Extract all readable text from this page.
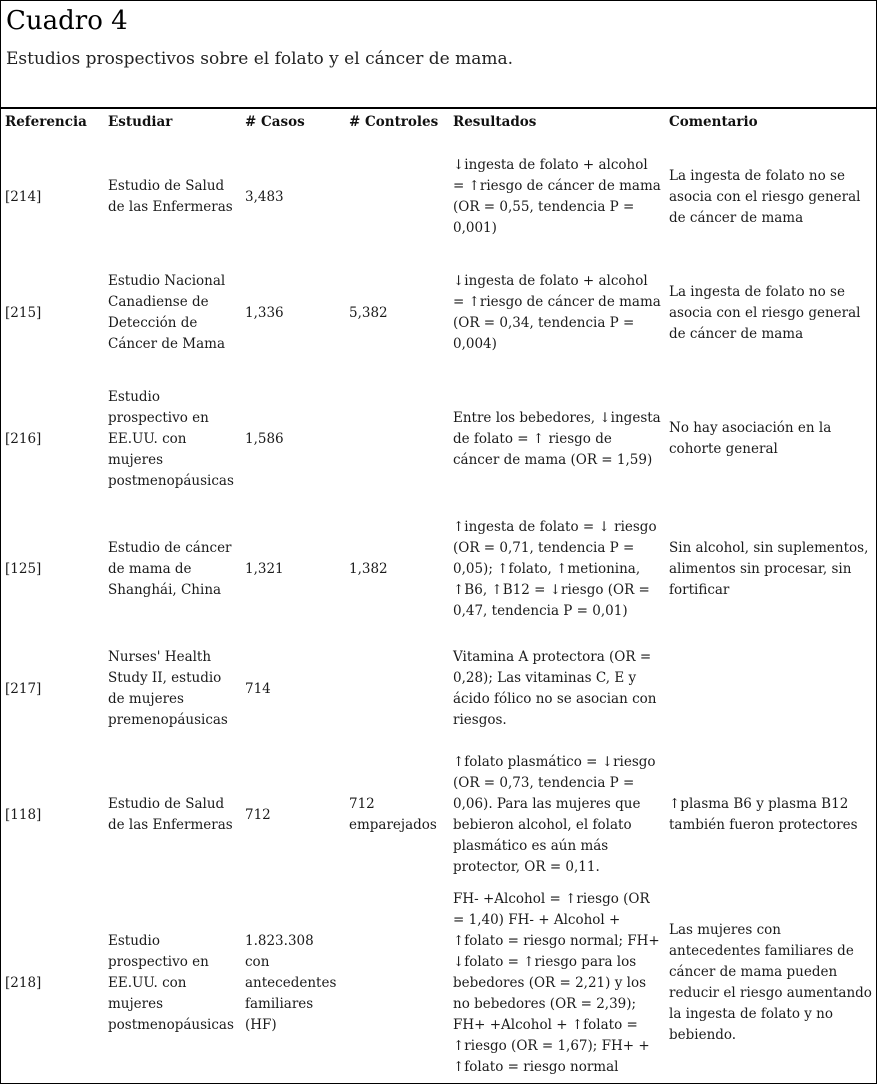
Cuadro 4
Estudios prospectivos sobre el folato y el cáncer de mama.
Referencia	Estudiar	# Casos	# Controles	Resultados	Comentario
[214]	Estudio de Salud de las Enfermeras	3,483		↓ingesta de folato + alcohol = ↑riesgo de cáncer de mama (OR = 0,55, tendencia P = 0,001)	La ingesta de folato no se asocia con el riesgo general de cáncer de mama
[215]	Estudio Nacional Canadiense de Detección de Cáncer de Mama	1,336	5,382	↓ingesta de folato + alcohol = ↑riesgo de cáncer de mama (OR = 0,34, tendencia P = 0,004)	La ingesta de folato no se asocia con el riesgo general de cáncer de mama
[216]	Estudio prospectivo en EE.UU. con mujeres postmenopáusicas	1,586		Entre los bebedores, ↓ingesta de folato = ↑ riesgo de cáncer de mama (OR = 1,59)	No hay asociación en la cohorte general
[125]	Estudio de cáncer de mama de Shanghái, China	1,321	1,382	↑ingesta de folato = ↓ riesgo (OR = 0,71, tendencia P = 0,05); ↑folato, ↑metionina, ↑B6, ↑B12 = ↓riesgo (OR = 0,47, tendencia P = 0,01)	Sin alcohol, sin suplementos, alimentos sin procesar, sin fortificar
[217]	Nurses' Health Study II, estudio de mujeres premenopáusicas	714		Vitamina A protectora (OR = 0,28); Las vitaminas C, E y ácido fólico no se asocian con riesgos.	
[118]	Estudio de Salud de las Enfermeras	712	712 emparejados	↑folato plasmático = ↓riesgo (OR = 0,73, tendencia P = 0,06). Para las mujeres que bebieron alcohol, el folato plasmático es aún más protector, OR = 0,11.	↑plasma B6 y plasma B12 también fueron protectores
[218]	Estudio prospectivo en EE.UU. con mujeres postmenopáusicas	1.823.308 con antecedentes familiares (HF)		FH- +Alcohol = ↑riesgo (OR = 1,40) FH- + Alcohol + ↑folato = riesgo normal; FH+ ↓folato = ↑riesgo para los bebedores (OR = 2,21) y los no bebedores (OR = 2,39); FH+ +Alcohol + ↑folato = ↑riesgo (OR = 1,67); FH+ + ↑folato = riesgo normal	Las mujeres con antecedentes familiares de cáncer de mama pueden reducir el riesgo aumentando la ingesta de folato y no bebiendo.
